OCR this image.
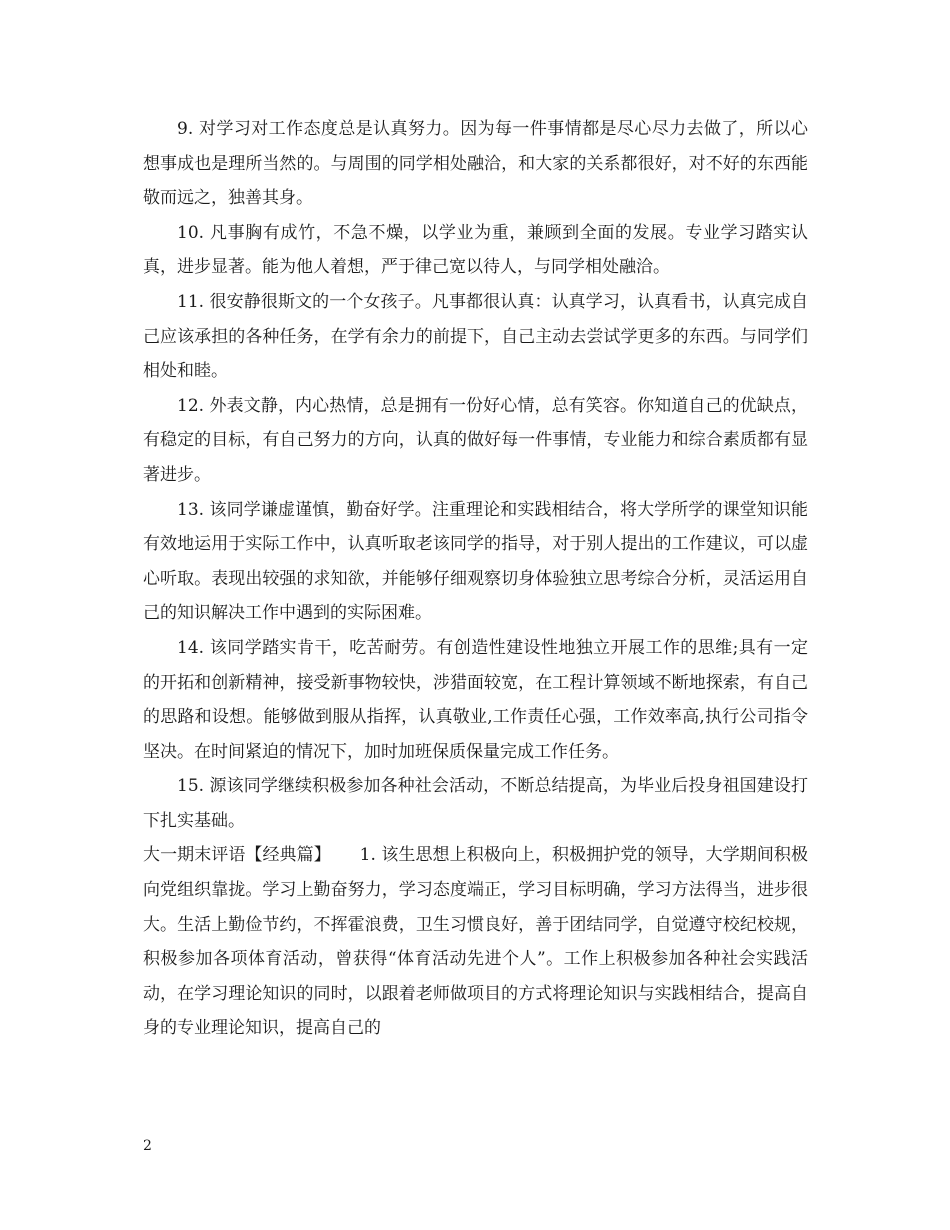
9. 对学习对工作态度总是认真努力。因为每一件事情都是尽心尽力去做了，所以心想事成也是理所当然的。与周围的同学相处融洽，和大家的关系都很好，对不好的东西能敬而远之，独善其身。

10. 凡事胸有成竹，不急不燥，以学业为重，兼顾到全面的发展。专业学习踏实认真，进步显著。能为他人着想，严于律己宽以待人，与同学相处融洽。

11. 很安静很斯文的一个女孩子。凡事都很认真：认真学习，认真看书，认真完成自己应该承担的各种任务，在学有余力的前提下，自己主动去尝试学更多的东西。与同学们相处和睦。

12. 外表文静，内心热情，总是拥有一份好心情，总有笑容。你知道自己的优缺点，有稳定的目标，有自己努力的方向，认真的做好每一件事情，专业能力和综合素质都有显著进步。

13. 该同学谦虚谨慎，勤奋好学。注重理论和实践相结合，将大学所学的课堂知识能有效地运用于实际工作中，认真听取老该同学的指导，对于别人提出的工作建议，可以虚心听取。表现出较强的求知欲，并能够仔细观察切身体验独立思考综合分析，灵活运用自己的知识解决工作中遇到的实际困难。

14. 该同学踏实肯干，吃苦耐劳。有创造性建设性地独立开展工作的思维;具有一定的开拓和创新精神，接受新事物较快，涉猎面较宽，在工程计算领域不断地探索，有自己的思路和设想。能够做到服从指挥，认真敬业,工作责任心强，工作效率高,执行公司指令坚决。在时间紧迫的情况下，加时加班保质保量完成工作任务。

15. 源该同学继续积极参加各种社会活动，不断总结提高，为毕业后投身祖国建设打下扎实基础。

大一期末评语【经典篇】 1. 该生思想上积极向上，积极拥护党的领导，大学期间积极向党组织靠拢。学习上勤奋努力，学习态度端正，学习目标明确，学习方法得当，进步很大。生活上勤俭节约，不挥霍浪费，卫生习惯良好，善于团结同学，自觉遵守校纪校规，积极参加各项体育活动，曾获得“体育活动先进个人”。工作上积极参加各种社会实践活动，在学习理论知识的同时，以跟着老师做项目的方式将理论知识与实践相结合，提高自身的专业理论知识，提高自己的

2
